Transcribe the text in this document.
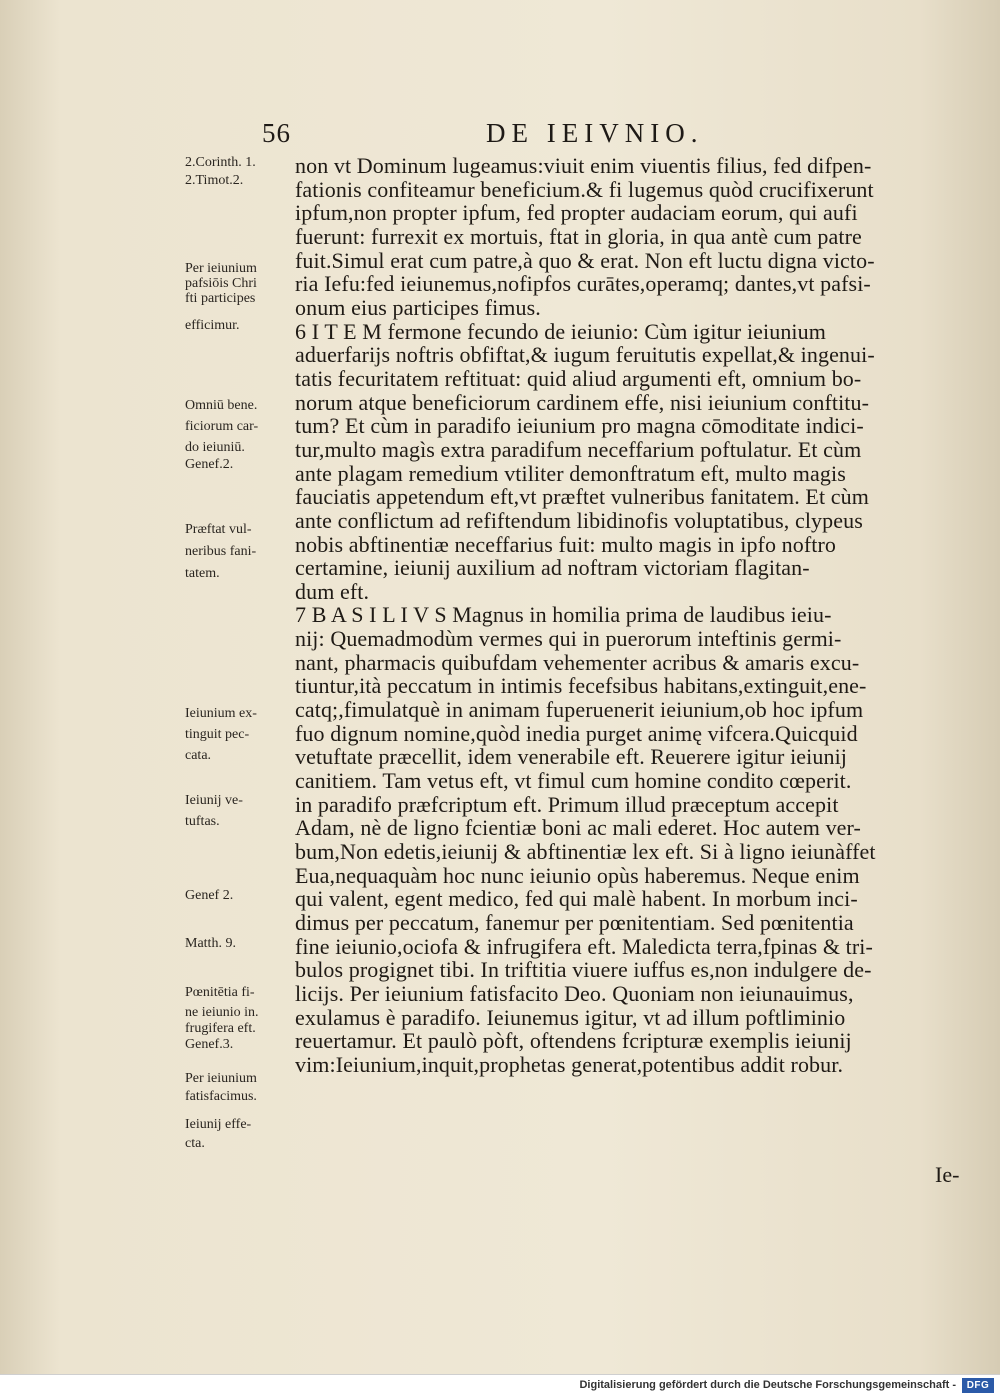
56	DE IEIVNIO.
2.Corinth. 1.
2.Timot.2.
Per ieiunium
pafsiōis Chri
fti participes
efficimur.
Omniū bene.
ficiorum car-
do ieiuniū.
Genef.2.
Præftat vul-
neribus fani-
tatem.
Ieiunium ex-
tinguit pec-
cata.
Ieiunij ve-
tuftas.
Genef 2.
Matth. 9.
Pœnitētia fi-
ne ieiunio in.
frugifera eft.
Genef.3.
Per ieiunium
fatisfacimus.
Ieiunij effe-
cta.
non vt Dominum lugeamus:viuit enim viuentis filius, fed difpen-
fationis confiteamur beneficium.& fi lugemus quòd crucifixerunt
ipfum,non propter ipfum, fed propter audaciam eorum, qui aufi
fuerunt: furrexit ex mortuis, ftat in gloria, in qua antè cum patre
fuit.Simul erat cum patre,à quo & erat. Non eft luctu digna victo-
ria Iefu:fed ieiunemus,nofipfos curātes,operamq; dantes,vt pafsi-
onum eius participes fimus.
6 I T E M fermone fecundo de ieiunio: Cùm igitur ieiunium
aduerfarijs noftris obfiftat,& iugum feruitutis expellat,& ingenui-
tatis fecuritatem reftituat: quid aliud argumenti eft, omnium bo-
norum atque beneficiorum cardinem effe, nisi ieiunium conftitu-
tum? Et cùm in paradifo ieiunium pro magna cōmoditate indici-
tur,multo magìs extra paradifum neceffarium poftulatur. Et cùm
ante plagam remedium vtiliter demonftratum eft, multo magis
fauciatis appetendum eft,vt præftet vulneribus fanitatem. Et cùm
ante conflictum ad refiftendum libidinofis voluptatibus, clypeus
nobis abftinentiæ neceffarius fuit: multo magis in ipfo noftro
certamine, ieiunij auxilium ad noftram victoriam flagitan-
dum eft.
7 B A S I L I V S Magnus in homilia prima de laudibus ieiu-
nij: Quemadmodùm vermes qui in puerorum inteftinis germi-
nant, pharmacis quibufdam vehementer acribus & amaris excu-
tiuntur,ità peccatum in intimis fecefsibus habitans,extinguit,ene-
catq;,fimulatquè in animam fuperuenerit ieiunium,ob hoc ipfum
fuo dignum nomine,quòd inedia purget animę vifcera.Quicquid
vetuftate præcellit, idem venerabile eft. Reuerere igitur ieiunij
canitiem. Tam vetus eft, vt fimul cum homine condito cœperit.
in paradifo præfcriptum eft. Primum illud præceptum accepit
Adam, nè de ligno fcientiæ boni ac mali ederet. Hoc autem ver-
bum,Non edetis,ieiunij & abftinentiæ lex eft. Si à ligno ieiunàffet
Eua,nequaquàm hoc nunc ieiunio opùs haberemus. Neque enim
qui valent, egent medico, fed qui malè habent. In morbum inci-
dimus per peccatum, fanemur per pœnitentiam. Sed pœnitentia
fine ieiunio,ociofa & infrugifera eft. Maledicta terra,fpinas & tri-
bulos progignet tibi. In triftitia viuere iuffus es,non indulgere de-
licijs. Per ieiunium fatisfacito Deo. Quoniam non ieiunauimus,
exulamus è paradifo. Ieiunemus igitur, vt ad illum poftliminio
reuertamur. Et paulò pòft, oftendens fcripturæ exemplis ieiunij
vim:Ieiunium,inquit,prophetas generat,potentibus addit robur.
Ie-
Digitalisierung gefördert durch die Deutsche Forschungsgemeinschaft -	DFG
